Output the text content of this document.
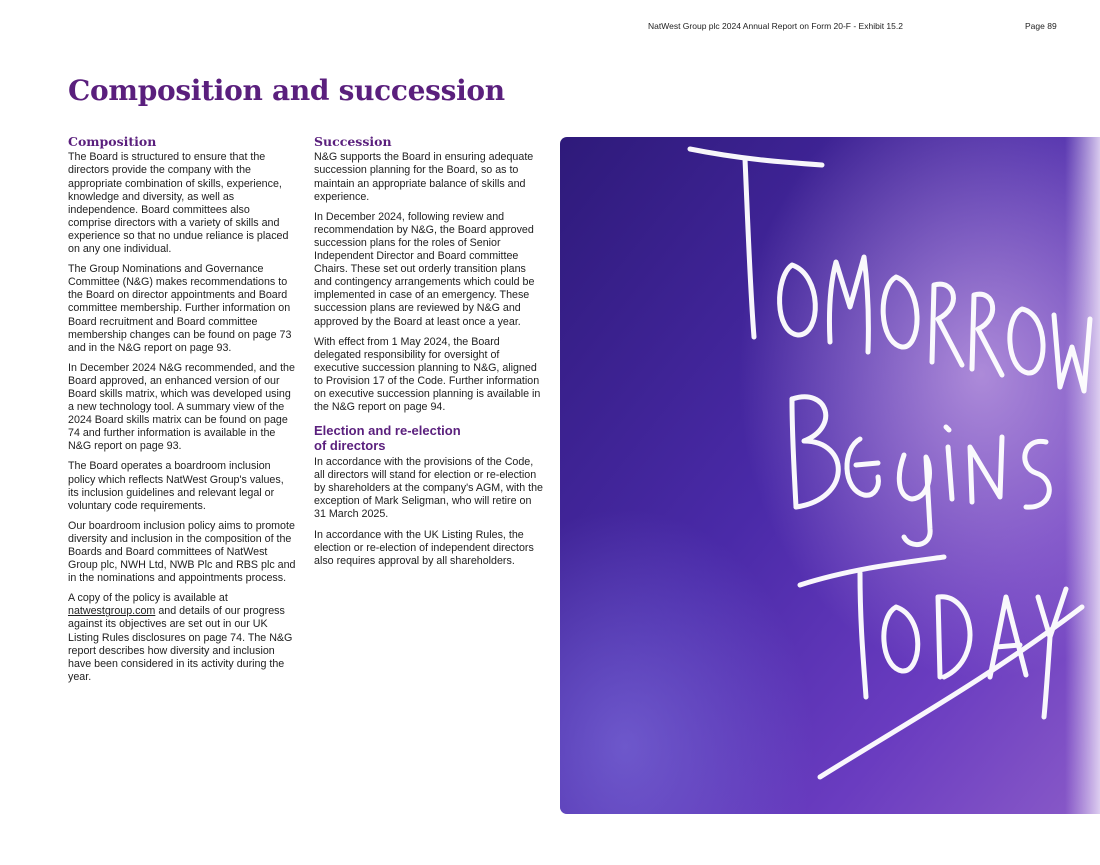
NatWest Group plc 2024 Annual Report on Form 20-F - Exhibit 15.2	Page 89
Composition and succession
Composition

The Board is structured to ensure that the directors provide the company with the appropriate combination of skills, experience, knowledge and diversity, as well as independence. Board committees also comprise directors with a variety of skills and experience so that no undue reliance is placed on any one individual.

The Group Nominations and Governance Committee (N&G) makes recommendations to the Board on director appointments and Board committee membership. Further information on Board recruitment and Board committee membership changes can be found on page 73 and in the N&G report on page 93.

In December 2024 N&G recommended, and the Board approved, an enhanced version of our Board skills matrix, which was developed using a new technology tool. A summary view of the 2024 Board skills matrix can be found on page 74 and further information is available in the N&G report on page 93.

The Board operates a boardroom inclusion policy which reflects NatWest Group's values, its inclusion guidelines and relevant legal or voluntary code requirements.

Our boardroom inclusion policy aims to promote diversity and inclusion in the composition of the Boards and Board committees of NatWest Group plc, NWH Ltd, NWB Plc and RBS plc and in the nominations and appointments process.

A copy of the policy is available at natwestgroup.com and details of our progress against its objectives are set out in our UK Listing Rules disclosures on page 74. The N&G report describes how diversity and inclusion have been considered in its activity during the year.

Succession

N&G supports the Board in ensuring adequate succession planning for the Board, so as to maintain an appropriate balance of skills and experience.

In December 2024, following review and recommendation by N&G, the Board approved succession plans for the roles of Senior Independent Director and Board committee Chairs. These set out orderly transition plans and contingency arrangements which could be implemented in case of an emergency. These succession plans are reviewed by N&G and approved by the Board at least once a year.

With effect from 1 May 2024, the Board delegated responsibility for oversight of executive succession planning to N&G, aligned to Provision 17 of the Code. Further information on executive succession planning is available in the N&G report on page 94.

Election and re-election
of directors

In accordance with the provisions of the Code, all directors will stand for election or re-election by shareholders at the company's AGM, with the exception of Mark Seligman, who will retire on 31 March 2025.

In accordance with the UK Listing Rules, the election or re-election of independent directors also requires approval by all shareholders.
